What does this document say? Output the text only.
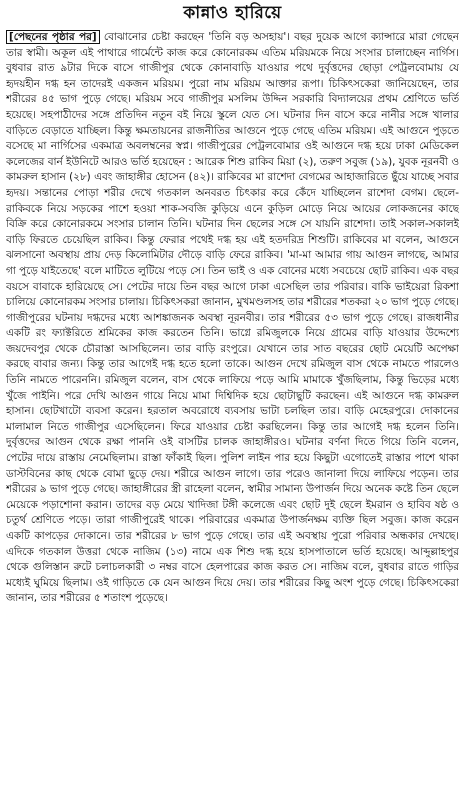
কান্নাও হারিয়ে

[পেছনের পৃষ্ঠার পর] বোঝানোর চেষ্টা করছেন 'তিনি বড় অসহায়'। বছর দুয়েক আগে ক্যান্সারে মারা গেছেন তার স্বামী। অকূল এই পাথারে গার্মেন্টে কাজ করে কোনোরকম এতিম মরিয়মকে নিয়ে সংসার চালাচ্ছেন নার্গিস। বুধবার রাত ৯টার দিকে বাসে গাজীপুর থেকে কোনাবাড়ি যাওয়ার পথে দুর্বৃত্তদের ছোড়া পেট্রলবোমায় যে হৃদয়হীন দগ্ধ হন তাদেরই একজন মরিয়ম। পুরো নাম মরিয়ম আক্তার রূপা। চিকিৎসকেরা জানিয়েছেন, তার শরীরের ৪৫ ভাগ পুড়ে গেছে। মরিয়ম সবে গাজীপুর মসলিম উদ্দিন সরকারি বিদ্যালয়ের প্রথম শ্রেণিতে ভর্তি হয়েছে। সহপাঠীদের সঙ্গে প্রতিদিন নতুন বই নিয়ে স্কুলে যেত সে। ঘটনার দিন বাসে করে নানীর সঙ্গে খালার বাড়িতে বেড়াতে যাচ্ছিল। কিন্তু ক্ষমতায়নের রাজনীতির আগুনে পুড়ে গেছে এতিম মরিয়ম। এই আগুনে পুড়তে বসেছে মা নার্গিসের একমাত্র অবলম্বনের স্বপ্ন। গাজীপুরের পেট্রলবোমার ওই আগুনে দগ্ধ হয়ে ঢাকা মেডিকেল কলেজের বার্ন ইউনিটে আরও ভর্তি হয়েছেন : আরেক শিশু রাকিব মিয়া (২), তরুণ সবুজ (১৯), যুবক নূরনবী ও কামরুল হাসান (২৮) এবং জাহাঙ্গীর হোসেন (৪২)। রাকিবের মা রাশেদা বেগমের আহাজারিতে ছুঁয়ে যাচ্ছে সবার হৃদয়। সন্তানের পোড়া শরীর দেখে গতকাল অনবরত চিৎকার করে কেঁদে যাচ্ছিলেন রাশেদা বেগম। ছেলে-রাকিবকে নিয়ে সড়কের পাশে হওয়া শাক-সবজি কুড়িয়ে এনে কুড়িল মোড়ে নিয়ে আয়ের লোকজনের কাছে বিক্রি করে কোনোরকমে সংসার চালান তিনি। ঘটনার দিন ছেলের সঙ্গে সে যায়নি রাশেদা। তাই সকাল-সকালই বাড়ি ফিরতে চেয়েছিল রাকিব। কিন্তু ফেরার পথেই দগ্ধ হয় এই হতদরিদ্র শিশুটি। রাকিবের মা বলেন, আগুনে ঝলসানো অবস্থায় প্রায় দেড় কিলোমিটার দৌড়ে বাড়ি ফেরে রাকিব। 'মা-মা আমার গায় আগুন লাগছে, আমার গা পুড়ে যাইতেছে' বলে মাটিতে লুটিয়ে পড়ে সে। তিন ভাই ও এক বোনের মধ্যে সবচেয়ে ছোট রাকিব। এক বছর বয়সে বাবাকে হারিয়েছে সে। পেটের দায়ে তিন বছর আগে ঢাকা এসেছিল তার পরিবার। বাকি ভাইয়েরা রিকশা চালিয়ে কোনোরকম সংসার চালায়। চিকিৎসকরা জানান, মুখমণ্ডলসহ তার শরীরের শতকরা ২০ ভাগ পুড়ে গেছে। গাজীপুরের ঘটনায় দগ্ধদের মধ্যে আশঙ্কাজনক অবস্থা নূরনবীর। তার শরীরের ৫৩ ভাগ পুড়ে গেছে। রাজধানীর একটি রং ফ্যাক্টরিতে শ্রমিকের কাজ করতেন তিনি। ভাগ্নে রমিজুলকে নিয়ে গ্রামের বাড়ি যাওয়ার উদ্দেশ্যে জয়দেবপুর থেকে চৌরাস্তা আসছিলেন। তার বাড়ি রংপুরে। যেখানে তার সাত বছরের ছোট মেয়েটি অপেক্ষা করছে বাবার জন্য। কিন্তু তার আগেই দগ্ধ হতে হলো তাকে। আগুন দেখে রমিজুল বাস থেকে নামতে পারলেও তিনি নামতে পারেননি। রমিজুল বলেন, বাস থেকে লাফিয়ে পড়ে আমি মামাকে খুঁজছিলাম, কিন্তু ভিড়ের মধ্যে খুঁজে পাইনি। পরে দেখি আগুন গায়ে নিয়ে মামা দিশ্বিদিক হয়ে ছোটাছুটি করছেন। এই আগুনে দগ্ধ কামরুল হাসান। ছোটখাটো ব্যবসা করেন। হরতাল অবরোধে ব্যবসায় ভাটা চলছিল তার। বাড়ি মেহেরপুরে। দোকানের মালামাল নিতে গাজীপুর এসেছিলেন। ফিরে যাওয়ার চেষ্টা করছিলেন। কিন্তু তার আগেই দগ্ধ হলেন তিনি। দুর্বৃত্তদের আগুন থেকে রক্ষা পাননি ওই বাসটির চালক জাহাঙ্গীরও। ঘটনার বর্ণনা দিতে গিয়ে তিনি বলেন, পেটের দায়ে রাস্তায় নেমেছিলাম। রাস্তা ফাঁকাই ছিল। পুলিশ লাইন পার হয়ে কিছুটা এগোতেই রাস্তার পাশে থাকা ডাস্টবিনের কাছ থেকে বোমা ছুড়ে দেয়। শরীরে আগুন লাগে। তার পরেও জানালা দিয়ে লাফিয়ে পড়েন। তার শরীরের ৯ ভাগ পুড়ে গেছে। জাহাঙ্গীরের স্ত্রী রাহেলা বলেন, স্বামীর সামান্য উপার্জন দিয়ে অনেক কষ্টে তিন ছেলে মেয়েকে পড়াশোনা করান। তাদের বড় মেয়ে খাদিজা টঙ্গী কলেজে এবং ছোট দুই ছেলে ইমরান ও হাবিব ষষ্ঠ ও চতুর্থ শ্রেণিতে পড়ে। তারা গাজীপুরেই থাকে। পরিবারের একমাত্র উপার্জনক্ষম ব্যক্তি ছিল সবুজ। কাজ করেন একটি কাপড়ের দোকানে। তার শরীরের ৮ ভাগ পুড়ে গেছে। তার এই অবস্থায় পুরো পরিবার অন্ধকার দেখছে। এদিকে গতকাল উত্তরা থেকে নাজিম (১৩) নামে এক শিশু দগ্ধ হয়ে হাসপাতালে ভর্তি হয়েছে। আব্দুল্লাহপুর থেকে গুলিস্তান রুটে চলাচলকারী ৩ নম্বর বাসে হেলপারের কাজ করত সে। নাজিম বলে, বুধবার রাতে গাড়ির মধ্যেই ঘুমিয়ে ছিলাম। ওই গাড়িতে কে যেন আগুন দিয়ে দেয়। তার শরীরের কিছু অংশ পুড়ে গেছে। চিকিৎসকেরা জানান, তার শরীরের ৫ শতাংশ পুড়েছে।
